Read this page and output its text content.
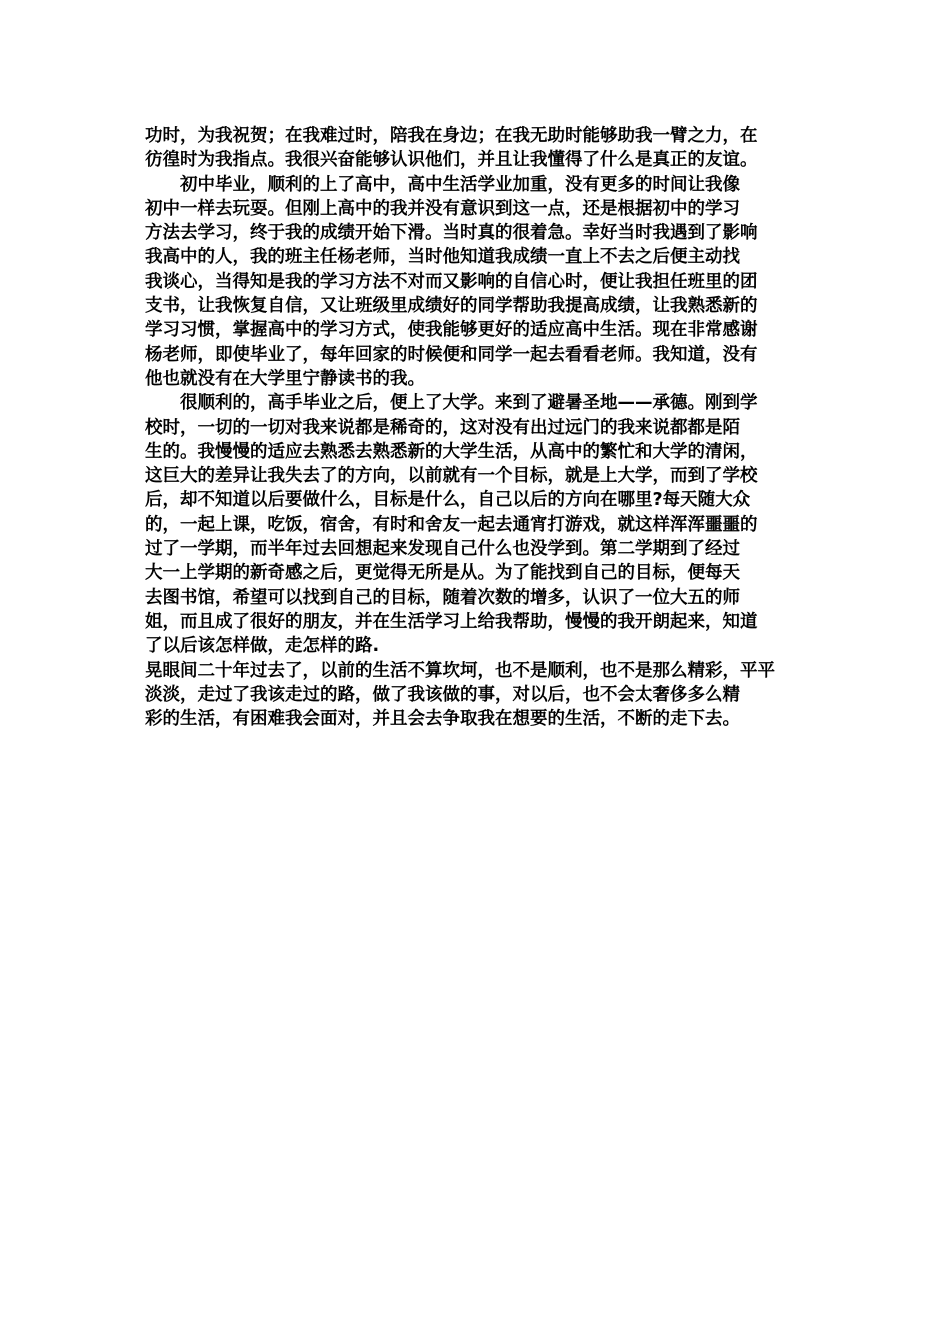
功时，为我祝贺；在我难过时，陪我在身边；在我无助时能够助我一臂之力，在
彷徨时为我指点。我很兴奋能够认识他们，并且让我懂得了什么是真正的友谊。
初中毕业，顺利的上了高中，高中生活学业加重，没有更多的时间让我像
初中一样去玩耍。但刚上高中的我并没有意识到这一点，还是根据初中的学习
方法去学习，终于我的成绩开始下滑。当时真的很着急。幸好当时我遇到了影响
我高中的人，我的班主任杨老师，当时他知道我成绩一直上不去之后便主动找
我谈心，当得知是我的学习方法不对而又影响的自信心时，便让我担任班里的团
支书，让我恢复自信，又让班级里成绩好的同学帮助我提高成绩，让我熟悉新的
学习习惯，掌握高中的学习方式，使我能够更好的适应高中生活。现在非常感谢
杨老师，即使毕业了，每年回家的时候便和同学一起去看看老师。我知道，没有
他也就没有在大学里宁静读书的我。
很顺利的，高手毕业之后，便上了大学。来到了避暑圣地——承德。刚到学
校时，一切的一切对我来说都是稀奇的，这对没有出过远门的我来说都都是陌
生的。我慢慢的适应去熟悉去熟悉新的大学生活，从高中的繁忙和大学的清闲，
这巨大的差异让我失去了的方向，以前就有一个目标，就是上大学，而到了学校
后，却不知道以后要做什么，目标是什么，自己以后的方向在哪里?每天随大众
的，一起上课，吃饭，宿舍，有时和舍友一起去通宵打游戏，就这样浑浑噩噩的
过了一学期，而半年过去回想起来发现自己什么也没学到。第二学期到了经过
大一上学期的新奇感之后，更觉得无所是从。为了能找到自己的目标，便每天
去图书馆，希望可以找到自己的目标，随着次数的增多，认识了一位大五的师
姐，而且成了很好的朋友，并在生活学习上给我帮助，慢慢的我开朗起来，知道
了以后该怎样做，走怎样的路.
晃眼间二十年过去了，以前的生活不算坎坷，也不是顺利，也不是那么精彩，平平
淡淡，走过了我该走过的路，做了我该做的事，对以后，也不会太奢侈多么精
彩的生活，有困难我会面对，并且会去争取我在想要的生活，不断的走下去。
